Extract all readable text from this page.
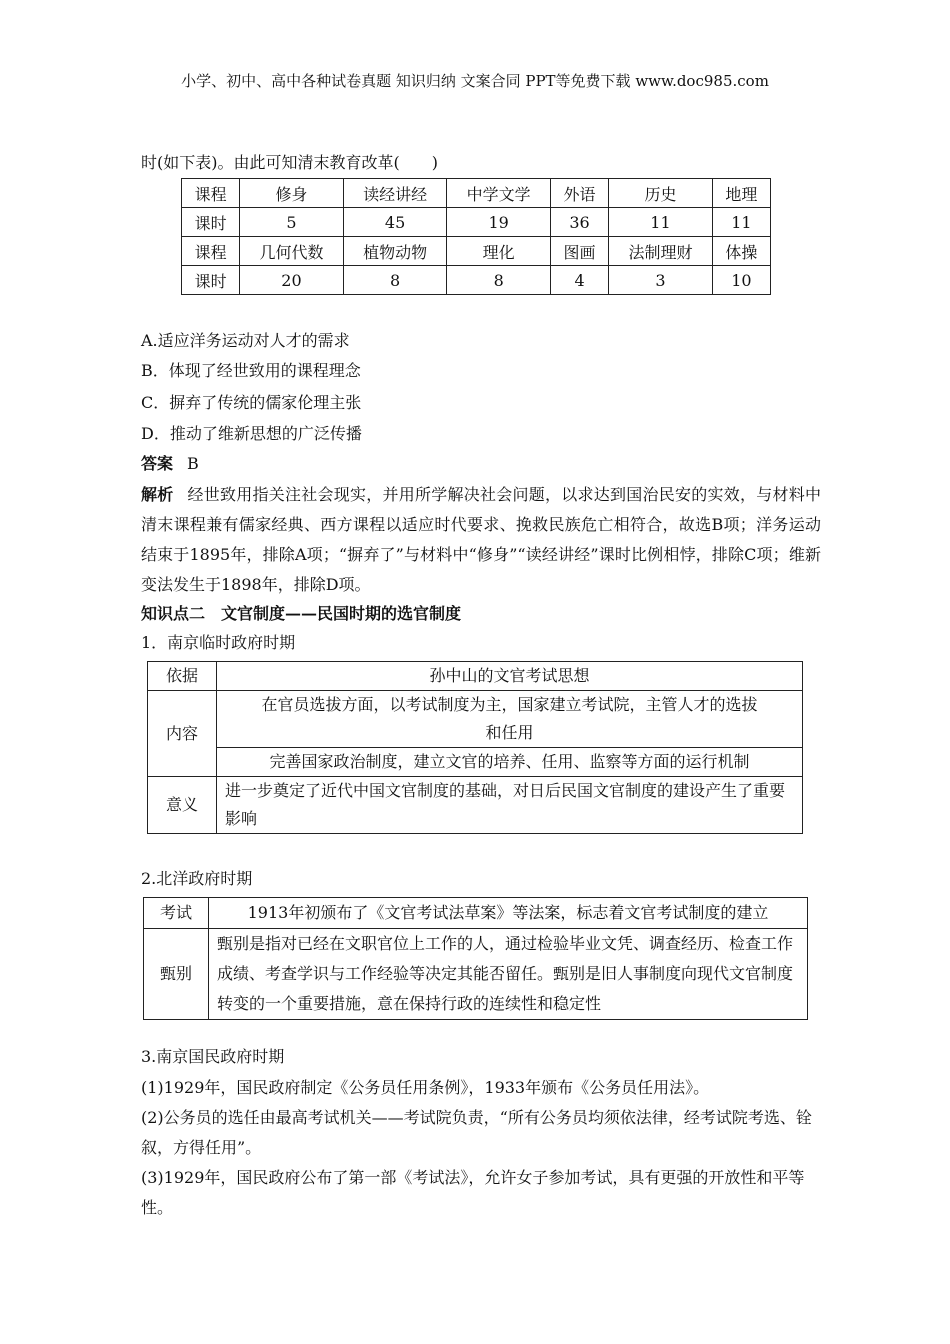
小学、初中、高中各种试卷真题 知识归纳 文案合同 PPT等免费下载 www.doc985.com
时(如下表)。由此可知清末教育改革(　　)
课程	修身	读经讲经	中学文学	外语	历史	地理
课时	5	45	19	36	11	11
课程	几何代数	植物动物	理化	图画	法制理财	体操
课时	20	8	8	4	3	10
A.适应洋务运动对人才的需求
B．体现了经世致用的课程理念
C．摒弃了传统的儒家伦理主张
D．推动了维新思想的广泛传播
答案 B
解析 经世致用指关注社会现实，并用所学解决社会问题，以求达到国治民安的实效，与材料中清末课程兼有儒家经典、西方课程以适应时代要求、挽救民族危亡相符合，故选B项；洋务运动结束于1895年，排除A项；“摒弃了”与材料中“修身”“读经讲经”课时比例相悖，排除C项；维新变法发生于1898年，排除D项。
知识点二　文官制度——民国时期的选官制度
1．南京临时政府时期
依据	孙中山的文官考试思想
内容	在官员选拔方面，以考试制度为主，国家建立考试院，主管人才的选拔和任用
	完善国家政治制度，建立文官的培养、任用、监察等方面的运行机制
意义	进一步奠定了近代中国文官制度的基础，对日后民国文官制度的建设产生了重要影响
2.北洋政府时期
考试	1913年初颁布了《文官考试法草案》等法案，标志着文官考试制度的建立
甄别	甄别是指对已经在文职官位上工作的人，通过检验毕业文凭、调查经历、检查工作成绩、考查学识与工作经验等决定其能否留任。甄别是旧人事制度向现代文官制度转变的一个重要措施，意在保持行政的连续性和稳定性
3.南京国民政府时期
(1)1929年，国民政府制定《公务员任用条例》，1933年颁布《公务员任用法》。
(2)公务员的选任由最高考试机关——考试院负责，“所有公务员均须依法律，经考试院考选、铨叙，方得任用”。
(3)1929年，国民政府公布了第一部《考试法》，允许女子参加考试，具有更强的开放性和平等性。
